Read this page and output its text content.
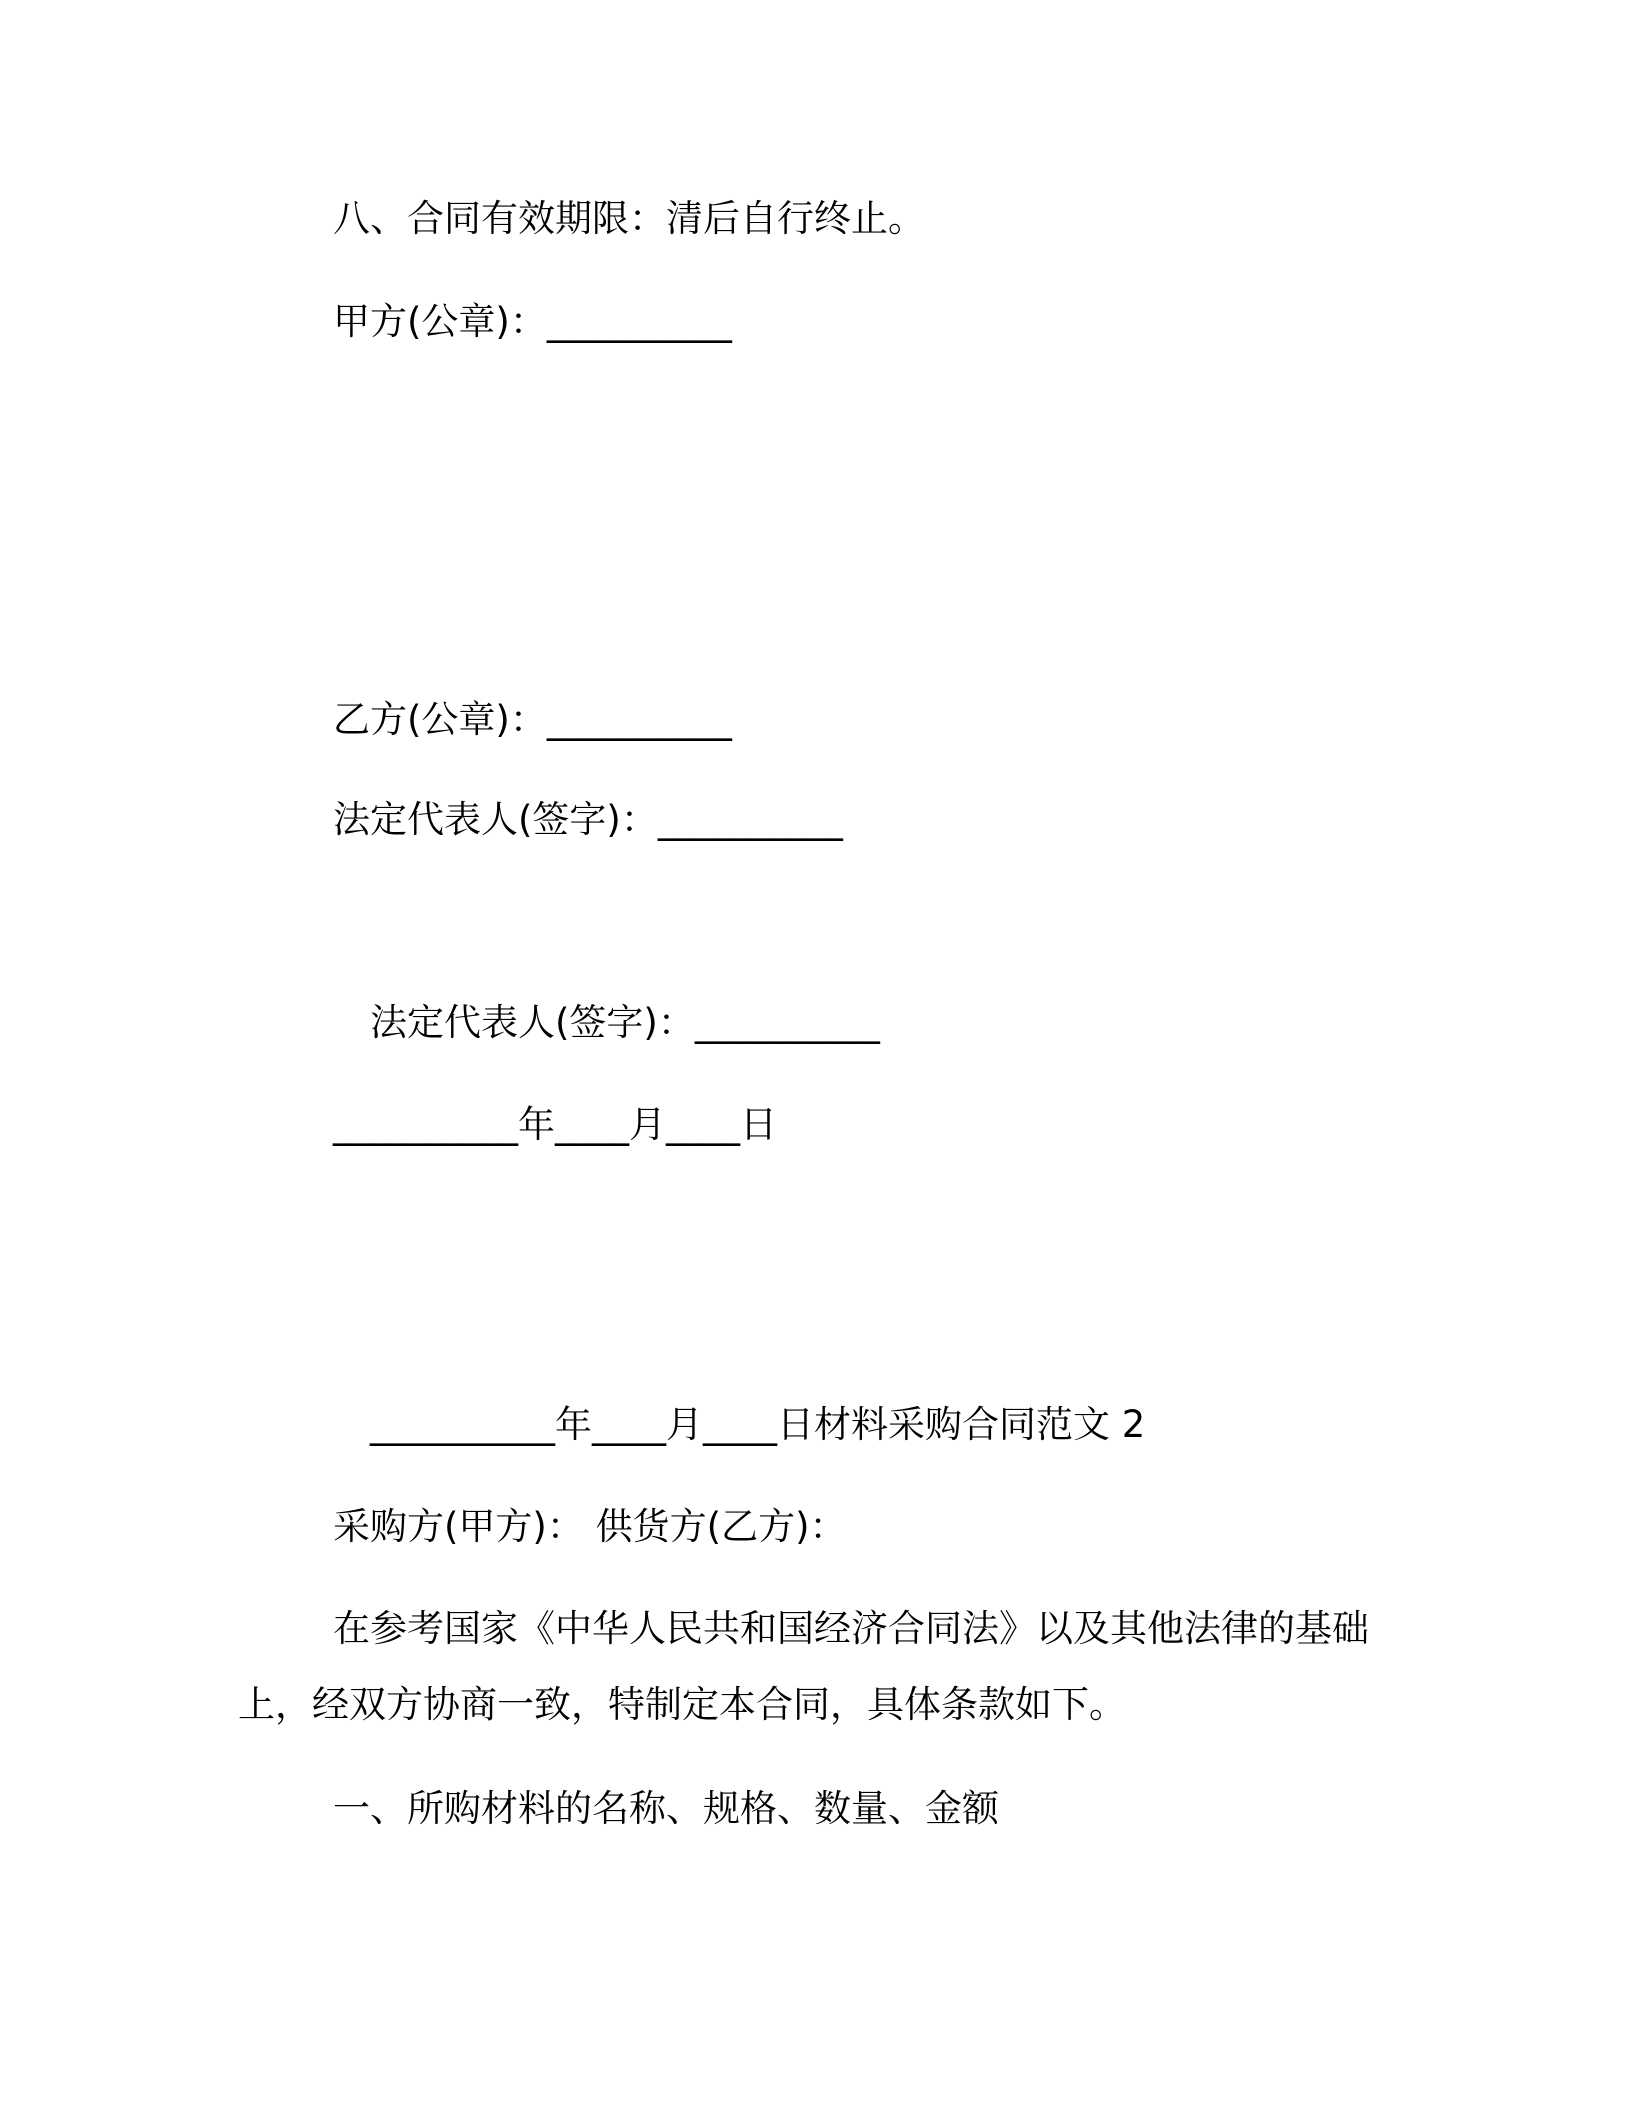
八、合同有效期限：清后自行终止。
甲方(公章)：__________
乙方(公章)：__________
法定代表人(签字)：__________
法定代表人(签字)：__________
__________年____月____日
__________年____月____日材料采购合同范文 2
采购方(甲方)： 供货方(乙方)：
在参考国家《中华人民共和国经济合同法》以及其他法律的基础
上，经双方协商一致，特制定本合同，具体条款如下。
一、所购材料的名称、规格、数量、金额
